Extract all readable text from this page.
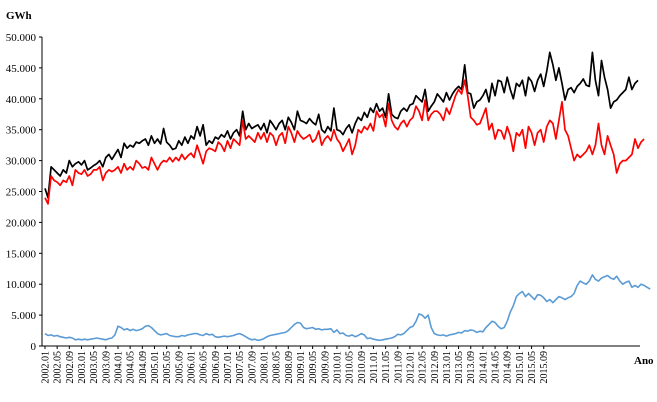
GWh
0
5.000
10.000
15.000
20.000
25.000
30.000
35.000
40.000
45.000
50.000
2002.01 2002.05 2002.09 2003.01 2003.05 2003.09 2004.01 2004.05 2004.09 2005.01 2005.05 2005.09 2006.01 2006.05 2006.09 2007.01 2007.05 2007.09 2008.01 2008.05 2008.09 2009.01 2009.05 2009.09 2010.01 2010.05 2010.09 2011.01 2011.05 2011.09 2012.01 2012.05 2012.09 2013.01 2013.05 2013.09 2014.01 2014.05 2014.09 2015.01 2015.05 2015.09	Ano
